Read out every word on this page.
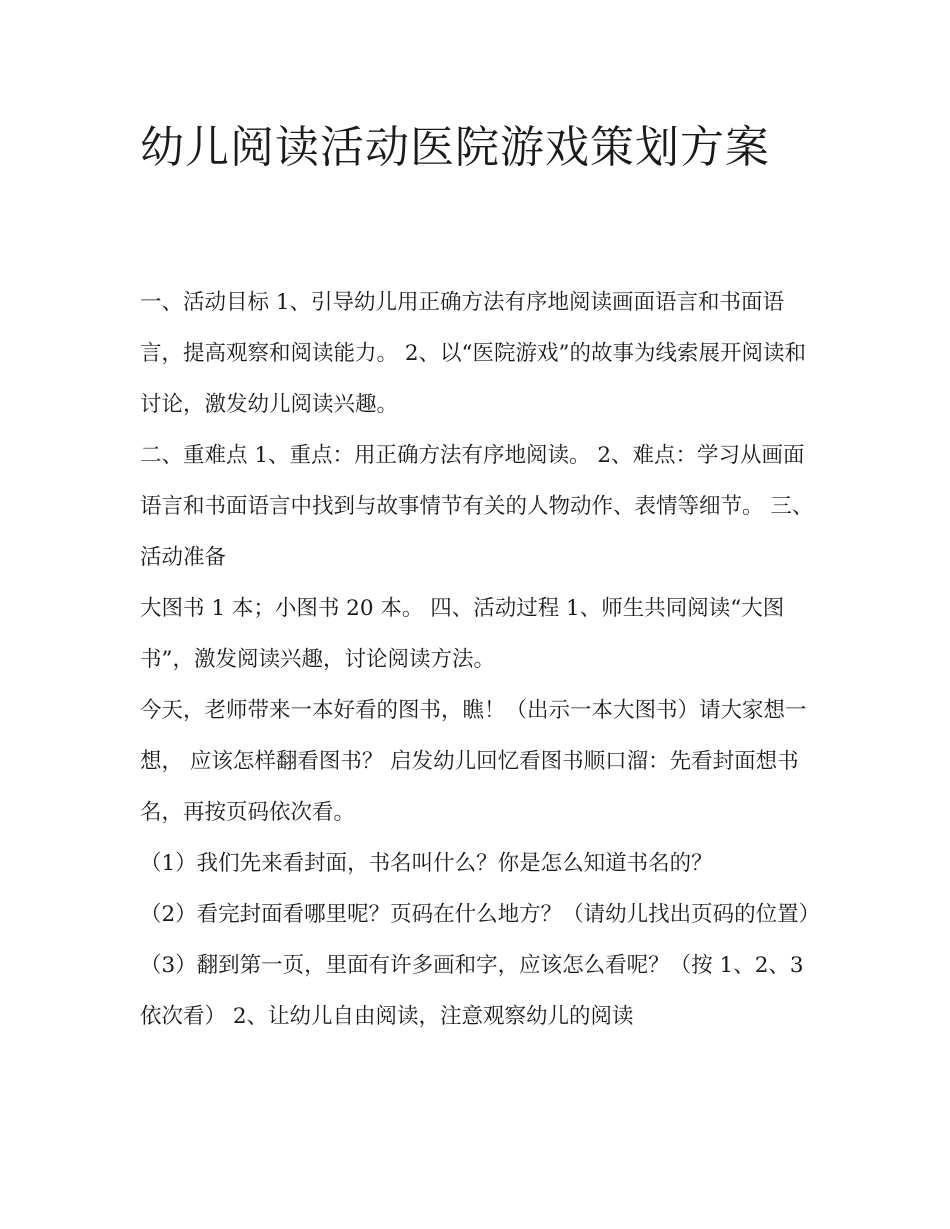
幼儿阅读活动医院游戏策划方案

一、活动目标 1、引导幼儿用正确方法有序地阅读画面语言和书面语言，提高观察和阅读能力。 2、以“医院游戏”的故事为线索展开阅读和讨论，激发幼儿阅读兴趣。

二、重难点 1、重点：用正确方法有序地阅读。 2、难点：学习从画面语言和书面语言中找到与故事情节有关的人物动作、表情等细节。 三、活动准备

大图书 1 本；小图书 20 本。 四、活动过程 1、师生共同阅读“大图书”，激发阅读兴趣，讨论阅读方法。

今天，老师带来一本好看的图书，瞧！（出示一本大图书）请大家想一想， 应该怎样翻看图书？ 启发幼儿回忆看图书顺口溜：先看封面想书名，再按页码依次看。

（1）我们先来看封面，书名叫什么？你是怎么知道书名的？

（2）看完封面看哪里呢？页码在什么地方？（请幼儿找出页码的位置）

（3）翻到第一页，里面有许多画和字，应该怎么看呢？（按 1、2、3 依次看） 2、让幼儿自由阅读，注意观察幼儿的阅读
